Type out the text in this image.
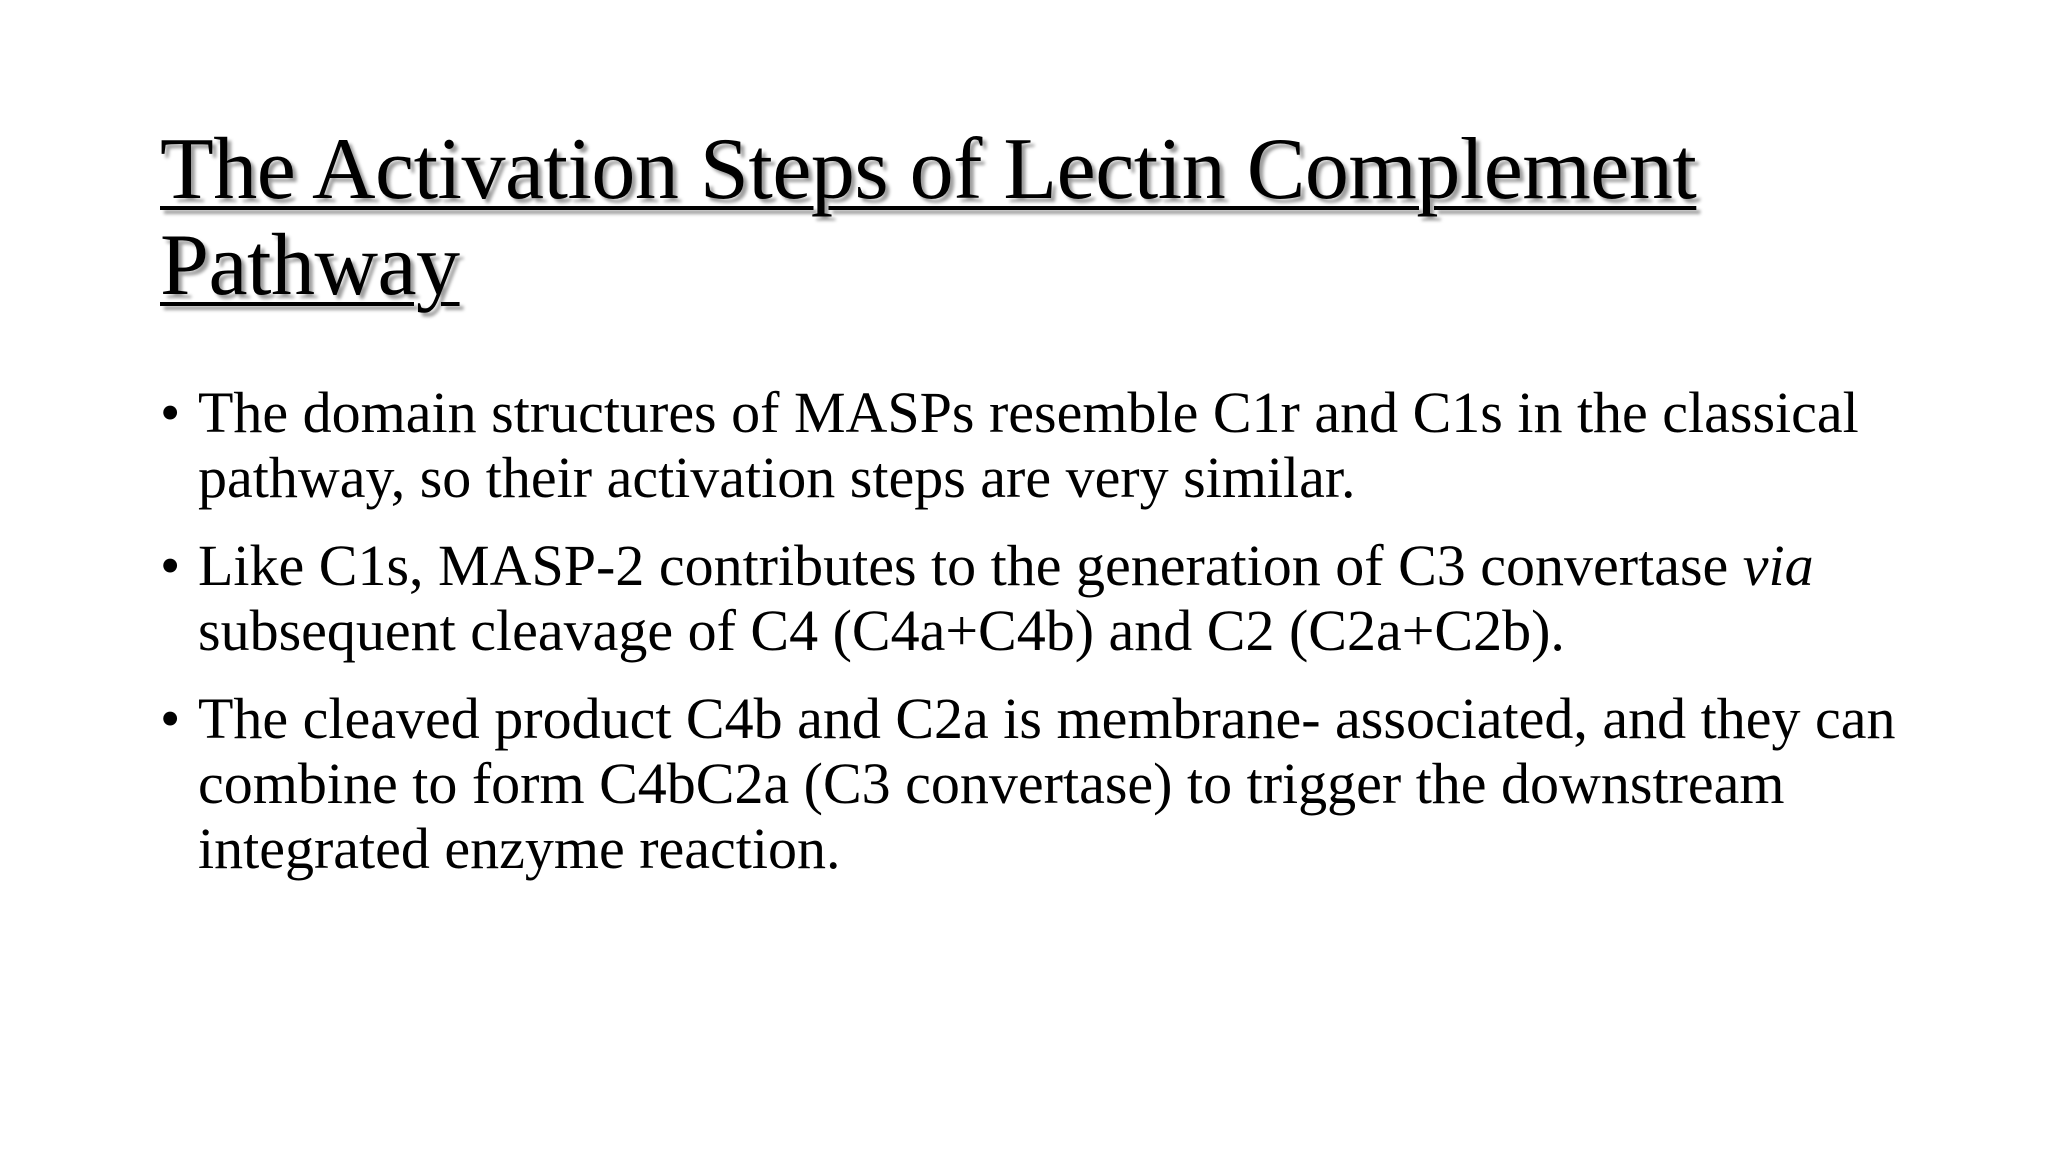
The Activation Steps of Lectin Complement Pathway
• The domain structures of MASPs resemble C1r and C1s in the classical pathway, so their activation steps are very similar.
• Like C1s, MASP-2 contributes to the generation of C3 convertase via subsequent cleavage of C4 (C4a+C4b) and C2 (C2a+C2b).
• The cleaved product C4b and C2a is membrane- associated, and they can combine to form C4bC2a (C3 convertase) to trigger the downstream integrated enzyme reaction.
